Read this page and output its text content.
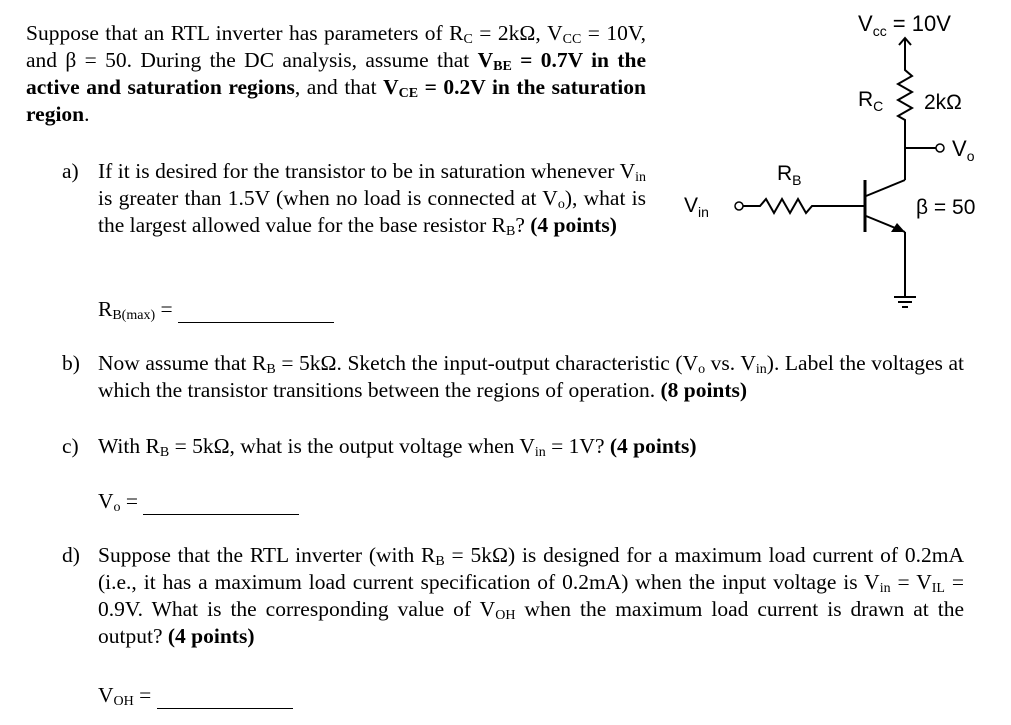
Suppose that an RTL inverter has parameters of $R_C = 2k\Omega$, $V_{CC} = 10V$, and β = 50. During the DC analysis, assume that $V_{BE} = 0.7V$ in the active and saturation regions, and that $V_{CE} = 0.2V$ in the saturation region.
a) If it is desired for the transistor to be in saturation whenever $V_{in}$ is greater than 1.5V (when no load is connected at $V_o$), what is the largest allowed value for the base resistor $R_B$? (4 points)
$R_{B(max)}$ =
b) Now assume that $R_B = 5k\Omega$. Sketch the input-output characteristic ($V_o$ vs. $V_{in}$). Label the voltages at which the transistor transitions between the regions of operation. (8 points)
c) With $R_B = 5k\Omega$, what is the output voltage when $V_{in} = 1V$? (4 points)
$V_o$ =
d) Suppose that the RTL inverter (with $R_B = 5k\Omega$) is designed for a maximum load current of 0.2mA (i.e., it has a maximum load current specification of 0.2mA) when the input voltage is $V_{in} = V_{IL} = 0.9V$. What is the corresponding value of $V_{OH}$ when the maximum load current is drawn at the output? (4 points)
$V_{OH}$ =
$V_{cc} = 10V$
$R_C$ 2kΩ
$V_o$
$R_B$
$V_{in}$	β = 50
